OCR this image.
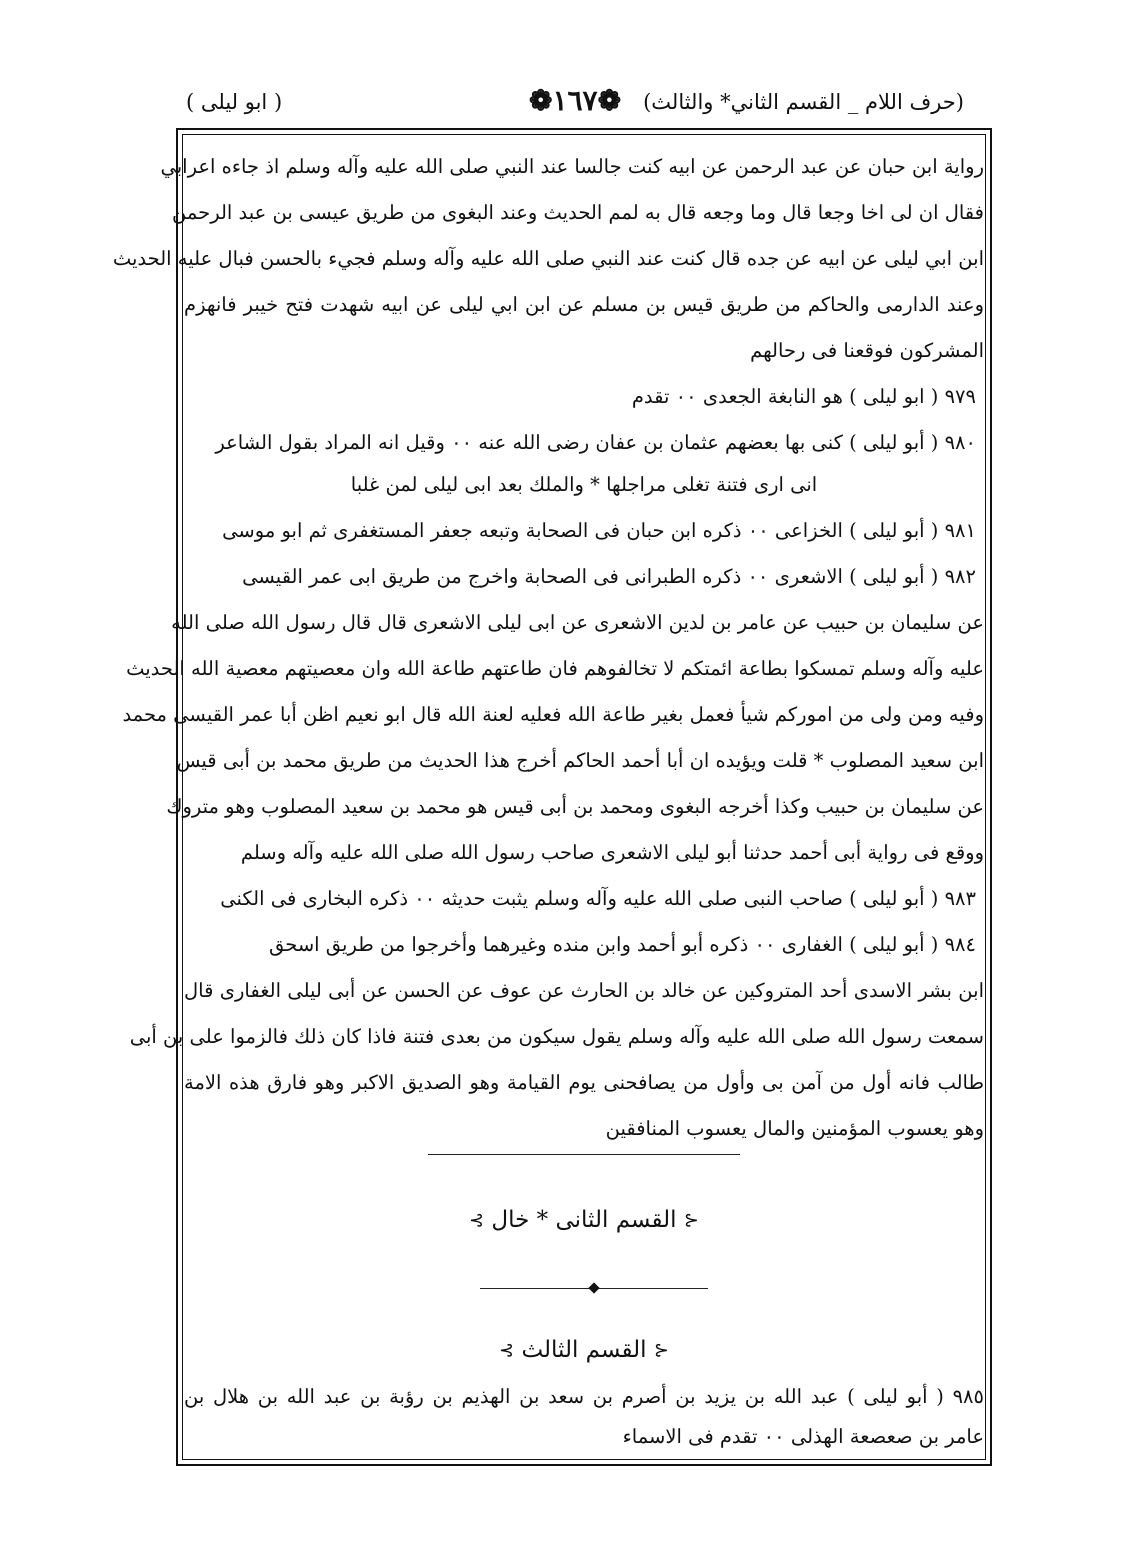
(حرف اللام _ القسم الثاني* والثالث)
❁١٦٧❁
( ابو ليلى )
رواية ابن حبان عن عبد الرحمن عن ابيه كنت جالسا عند النبي صلى الله عليه وآله وسلم اذ جاءه اعرابي
فقال ان لى اخا وجعا قال وما وجعه قال به لمم الحديث وعند البغوى من طريق عيسى بن عبد الرحمن
ابن ابي ليلى عن ابيه عن جده قال كنت عند النبي صلى الله عليه وآله وسلم فجيء بالحسن فبال عليه الحديث
وعند الدارمى والحاكم من طريق قيس بن مسلم عن ابن ابي ليلى عن ابيه شهدت فتح خيبر فانهزم
المشركون فوقعنا فى رحالهم
٩٧٩ ( ابو ليلى ) هو النابغة الجعدى ٠٠ تقدم
٩٨٠ ( أبو ليلى ) كنى بها بعضهم عثمان بن عفان رضى الله عنه ٠٠ وقيل انه المراد بقول الشاعر
انى ارى فتنة تغلى مراجلها * والملك بعد ابى ليلى لمن غلبا
٩٨١ ( أبو ليلى ) الخزاعى ٠٠ ذكره ابن حبان فى الصحابة وتبعه جعفر المستغفرى ثم ابو موسى
٩٨٢ ( أبو ليلى ) الاشعرى ٠٠ ذكره الطبرانى فى الصحابة واخرج من طريق ابى عمر القيسى
عن سليمان بن حبيب عن عامر بن لدين الاشعرى عن ابى ليلى الاشعرى قال قال رسول الله صلى الله
عليه وآله وسلم تمسكوا بطاعة ائمتكم لا تخالفوهم فان طاعتهم طاعة الله وان معصيتهم معصية الله الحديث
وفيه ومن ولى من اموركم شيأ فعمل بغير طاعة الله فعليه لعنة الله قال ابو نعيم اظن أبا عمر القيسى محمد
ابن سعيد المصلوب * قلت ويؤيده ان أبا أحمد الحاكم أخرج هذا الحديث من طريق محمد بن أبى قيس
عن سليمان بن حبيب وكذا أخرجه البغوى ومحمد بن أبى قيس هو محمد بن سعيد المصلوب وهو متروك
ووقع فى رواية أبى أحمد حدثنا أبو ليلى الاشعرى صاحب رسول الله صلى الله عليه وآله وسلم
٩٨٣ ( أبو ليلى ) صاحب النبى صلى الله عليه وآله وسلم يثبت حديثه ٠٠ ذكره البخارى فى الكنى
٩٨٤ ( أبو ليلى ) الغفارى ٠٠ ذكره أبو أحمد وابن منده وغيرهما وأخرجوا من طريق اسحق
ابن بشر الاسدى أحد المتروكين عن خالد بن الحارث عن عوف عن الحسن عن أبى ليلى الغفارى قال
سمعت رسول الله صلى الله عليه وآله وسلم يقول سيكون من بعدى فتنة فاذا كان ذلك فالزموا على بن أبى
طالب فانه أول من آمن بى وأول من يصافحنى يوم القيامة وهو الصديق الاكبر وهو فارق هذه الامة
وهو يعسوب المؤمنين والمال يعسوب المنافقين
⊰ القسم الثانى * خال ⊱
⊰ القسم الثالث ⊱
٩٨٥ ( أبو ليلى ) عبد الله بن يزيد بن أصرم بن سعد بن الهذيم بن رؤبة بن عبد الله بن هلال بن
عامر بن صعصعة الهذلى ٠٠ تقدم فى الاسماء
